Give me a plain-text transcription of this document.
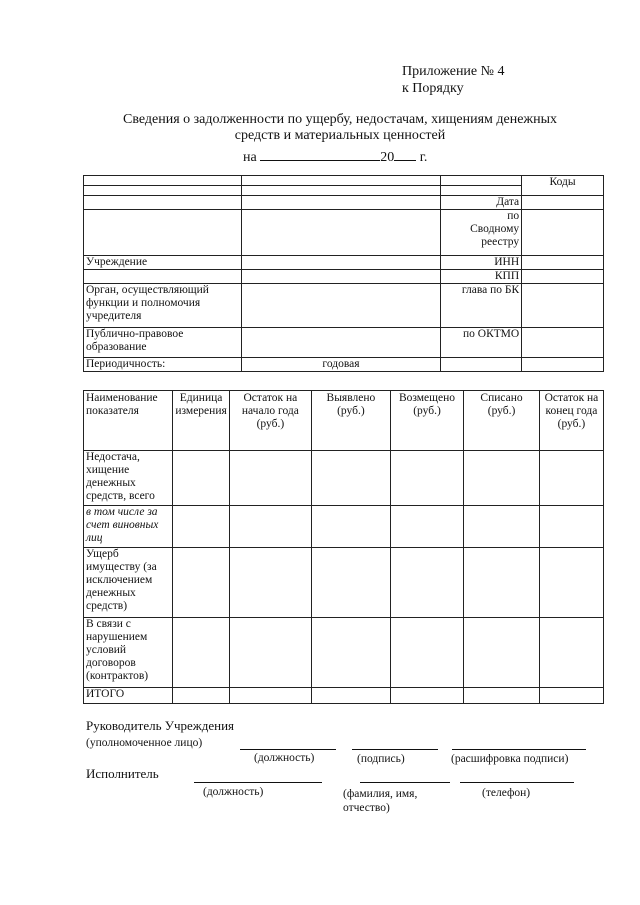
Приложение № 4
к Порядку
Сведения о задолженности по ущербу, недостачам, хищениям денежных
средств и материальных ценностей
на	20 г.
			Коды

		Дата	
		по Сводному реестру	
Учреждение		ИНН	
		КПП	
Орган, осуществляющий функции и полномочия учредителя		глава по БК	
Публично-правовое образование		по ОКТМО	
Периодичность:	годовая		
Наименование показателя	Единица измерения	Остаток на начало года (руб.)	Выявлено (руб.)	Возмещено (руб.)	Списано (руб.)	Остаток на конец года (руб.)
Недостача, хищение денежных средств, всего						
в том числе за счет виновных лиц						
Ущерб имуществу (за исключением денежных средств)						
В связи с нарушением условий договоров (контрактов)						
ИТОГО						
Руководитель Учреждения
(уполномоченное лицо)
(должность)	(подпись)	(расшифровка подписи)
Исполнитель
(должность)	(фамилия, имя, отчество)
(телефон)
